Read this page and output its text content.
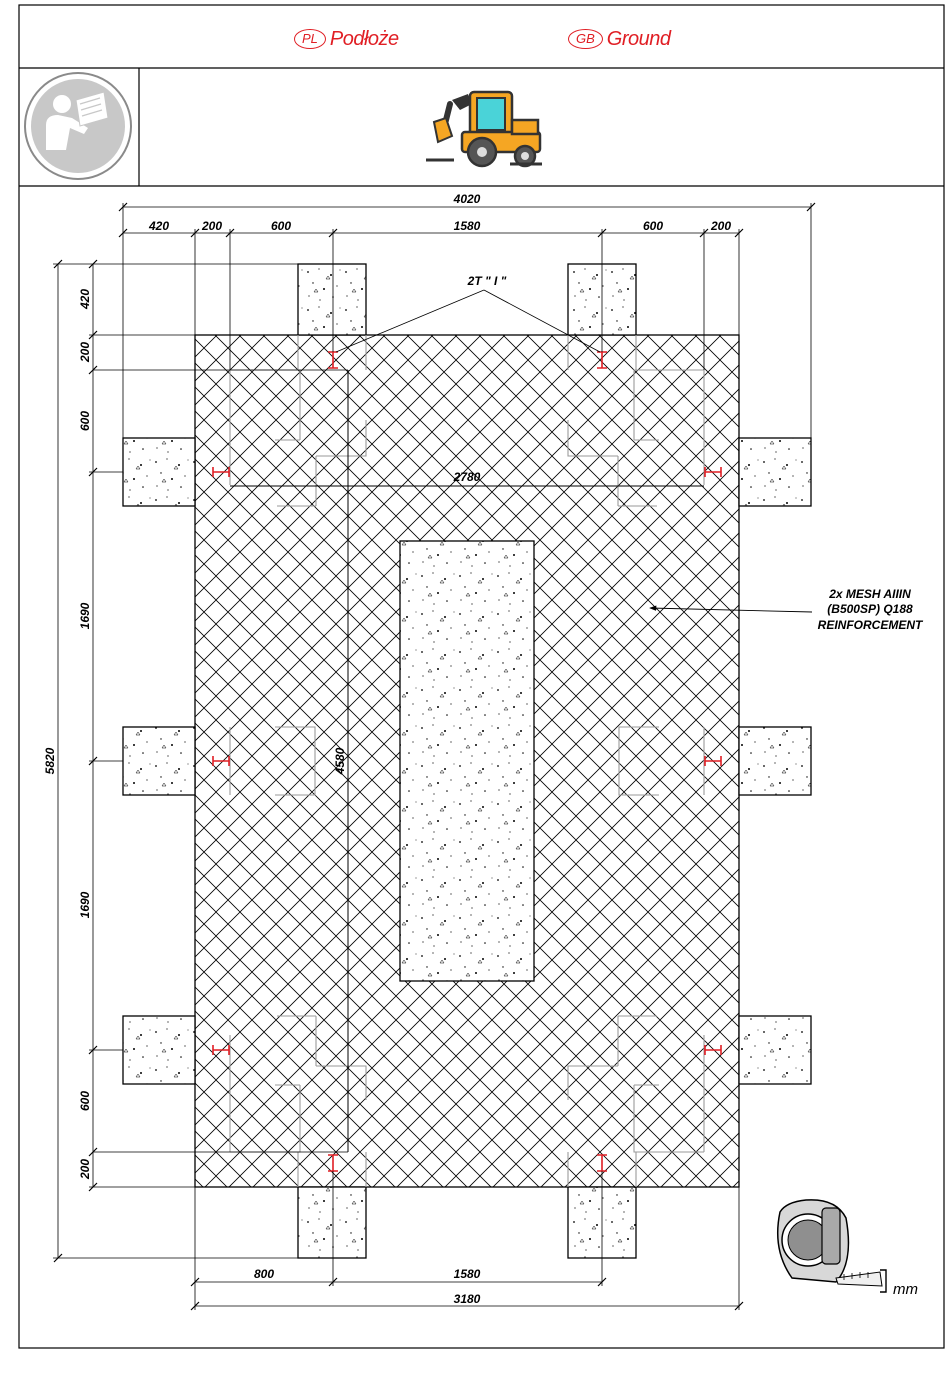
4020
420	200	600	1580	600	200
420
200
600
1690
1690
600
200
5820	4580
2780
800	1580
3180
2T " I "
2x MESH AIIIN
(B500SP) Q188
REINFORCEMENT
mm
PL Podłoże	GB Ground
